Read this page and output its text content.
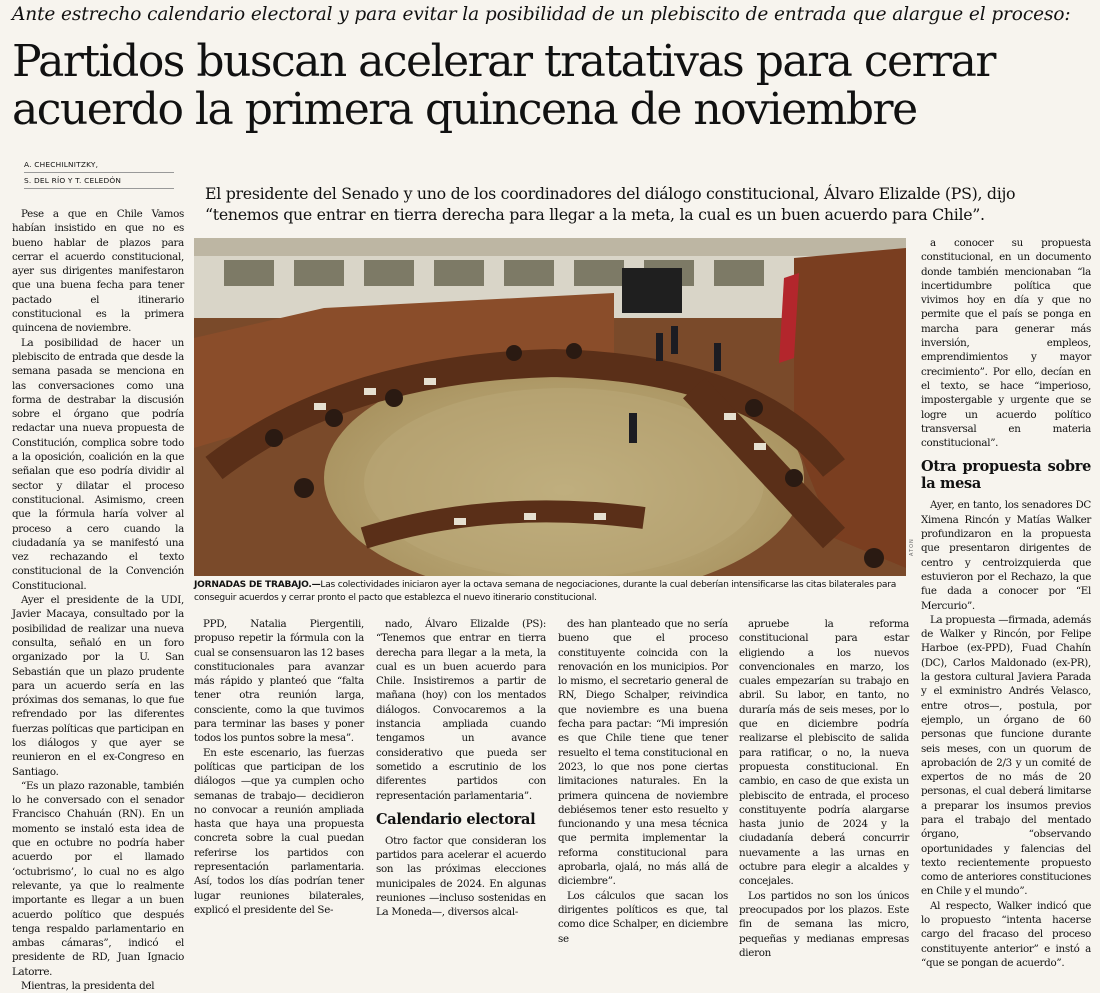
Ante estrecho calendario electoral y para evitar la posibilidad de un plebiscito de entrada que alargue el proceso:
Partidos buscan acelerar tratativas para cerrar acuerdo la primera quincena de noviembre
A. CHECHILNITZKY,
S. DEL RÍO Y T. CELEDÓN
El presidente del Senado y uno de los coordinadores del diálogo constitucional, Álvaro Elizalde (PS), dijo “tenemos que entrar en tierra derecha para llegar a la meta, la cual es un buen acuerdo para Chile”.

Pese a que en Chile Vamos habían insistido en que no es bueno hablar de plazos para cerrar el acuerdo constitucional, ayer sus dirigentes manifestaron que una buena fecha para tener pactado el itinerario constitucional es la primera quincena de noviembre.

La posibilidad de hacer un plebiscito de entrada que desde la semana pasada se menciona en las conversaciones como una forma de destrabar la discusión sobre el órgano que podría redactar una nueva propuesta de Constitución, complica sobre todo a la oposición, coalición en la que señalan que eso podría dividir al sector y dilatar el proceso constitucional. Asimismo, creen que la fórmula haría volver al proceso a cero cuando la ciudadanía ya se manifestó una vez rechazando el texto constitucional de la Convención Constitucional.

Ayer el presidente de la UDI, Javier Macaya, consultado por la posibilidad de realizar una nueva consulta, señaló en un foro organizado por la U. San Sebastián que un plazo prudente para un acuerdo sería en las próximas dos semanas, lo que fue refrendado por las diferentes fuerzas políticas que participan en los diálogos y que ayer se reunieron en el ex-Congreso en Santiago.

“Es un plazo razonable, también lo he conversado con el senador Francisco Chahuán (RN). En un momento se instaló esta idea de que en octubre no podría haber acuerdo por el llamado ‘octubrismo’, lo cual no es algo relevante, ya que lo realmente importante es llegar a un buen acuerdo político que después tenga respaldo parlamentario en ambas cámaras”, indicó el presidente de RD, Juan Ignacio Latorre.

Mientras, la presidenta del

ATON
JORNADAS DE TRABAJO.—Las colectividades iniciaron ayer la octava semana de negociaciones, durante la cual deberían intensificarse las citas bilaterales para conseguir acuerdos y cerrar pronto el pacto que establezca el nuevo itinerario constitucional.

PPD, Natalia Piergentili, propuso repetir la fórmula con la cual se consensuaron las 12 bases constitucionales para avanzar más rápido y planteó que “falta tener otra reunión larga, consciente, como la que tuvimos para terminar las bases y poner todos los puntos sobre la mesa”.

En este escenario, las fuerzas políticas que participan de los diálogos —que ya cumplen ocho semanas de trabajo— decidieron no convocar a reunión ampliada hasta que haya una propuesta concreta sobre la cual puedan referirse los partidos con representación parlamentaria. Así, todos los días podrían tener lugar reuniones bilaterales, explicó el presidente del Se-

nado, Álvaro Elizalde (PS): “Tenemos que entrar en tierra derecha para llegar a la meta, la cual es un buen acuerdo para Chile. Insistiremos a partir de mañana (hoy) con los mentados diálogos. Convocaremos a la instancia ampliada cuando tengamos un avance considerativo que pueda ser sometido a escrutinio de los diferentes partidos con representación parlamentaria”.

Calendario electoral

Otro factor que consideran los partidos para acelerar el acuerdo son las próximas elecciones municipales de 2024. En algunas reuniones —incluso sostenidas en La Moneda—, diversos alcal-

des han planteado que no sería bueno que el proceso constituyente coincida con la renovación en los municipios. Por lo mismo, el secretario general de RN, Diego Schalper, reivindica que noviembre es una buena fecha para pactar: “Mi impresión es que Chile tiene que tener resuelto el tema constitucional en 2023, lo que nos pone ciertas limitaciones naturales. En la primera quincena de noviembre debiésemos tener esto resuelto y funcionando y una mesa técnica que permita implementar la reforma constitucional para aprobarla, ojalá, no más allá de diciembre”.

Los cálculos que sacan los dirigentes políticos es que, tal como dice Schalper, en diciembre se

apruebe la reforma constitucional para estar eligiendo a los nuevos convencionales en marzo, los cuales empezarían su trabajo en abril. Su labor, en tanto, no duraría más de seis meses, por lo que en diciembre podría realizarse el plebiscito de salida para ratificar, o no, la nueva propuesta constitucional. En cambio, en caso de que exista un plebiscito de entrada, el proceso constituyente podría alargarse hasta junio de 2024 y la ciudadanía deberá concurrir nuevamente a las urnas en octubre para elegir a alcaldes y concejales.

Los partidos no son los únicos preocupados por los plazos. Este fin de semana las micro, pequeñas y medianas empresas dieron

a conocer su propuesta constitucional, en un documento donde también mencionaban “la incertidumbre política que vivimos hoy en día y que no permite que el país se ponga en marcha para generar más inversión, empleos, emprendimientos y mayor crecimiento”. Por ello, decían en el texto, se hace “imperioso, impostergable y urgente que se logre un acuerdo político transversal en materia constitucional”.

Otra propuesta sobre la mesa

Ayer, en tanto, los senadores DC Ximena Rincón y Matías Walker profundizaron en la propuesta que presentaron dirigentes de centro y centroizquierda que estuvieron por el Rechazo, la que fue dada a conocer por “El Mercurio”.

La propuesta —firmada, además de Walker y Rincón, por Felipe Harboe (ex-PPD), Fuad Chahín (DC), Carlos Maldonado (ex-PR), la gestora cultural Javiera Parada y el exministro Andrés Velasco, entre otros—, postula, por ejemplo, un órgano de 60 personas que funcione durante seis meses, con un quorum de aprobación de 2/3 y un comité de expertos de no más de 20 personas, el cual deberá limitarse a preparar los insumos previos para el trabajo del mentado órgano, “observando oportunidades y falencias del texto recientemente propuesto como de anteriores constituciones en Chile y el mundo”.

Al respecto, Walker indicó que lo propuesto “intenta hacerse cargo del fracaso del proceso constituyente anterior” e instó a “que se pongan de acuerdo”.
